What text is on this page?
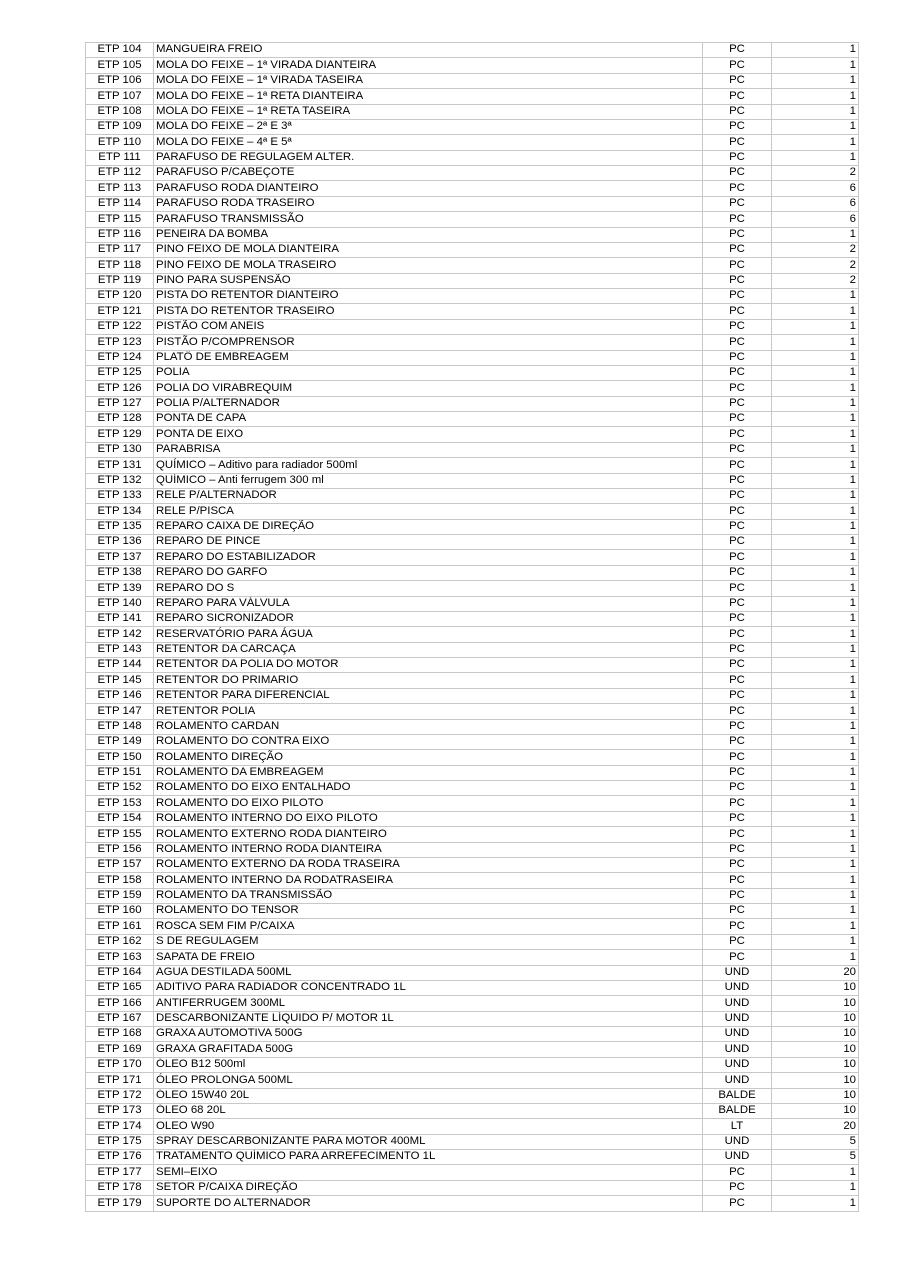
ETP 104	MANGUEIRA FREIO	PC	1
ETP 105	MOLA DO FEIXE – 1ª VIRADA DIANTEIRA	PC	1
ETP 106	MOLA DO FEIXE – 1ª VIRADA TASEIRA	PC	1
ETP 107	MOLA DO FEIXE – 1ª RETA DIANTEIRA	PC	1
ETP 108	MOLA DO FEIXE – 1ª RETA TASEIRA	PC	1
ETP 109	MOLA DO FEIXE – 2ª E 3ª	PC	1
ETP 110	MOLA DO FEIXE – 4ª E 5ª	PC	1
ETP 111	PARAFUSO DE REGULAGEM ALTER.	PC	1
ETP 112	PARAFUSO P/CABEÇOTE	PC	2
ETP 113	PARAFUSO RODA DIANTEIRO	PC	6
ETP 114	PARAFUSO RODA TRASEIRO	PC	6
ETP 115	PARAFUSO TRANSMISSÃO	PC	6
ETP 116	PENEIRA DA BOMBA	PC	1
ETP 117	PINO FEIXO DE MOLA DIANTEIRA	PC	2
ETP 118	PINO FEIXO DE MOLA TRASEIRO	PC	2
ETP 119	PINO PARA SUSPENSÃO	PC	2
ETP 120	PISTA DO RETENTOR DIANTEIRO	PC	1
ETP 121	PISTA DO RETENTOR TRASEIRO	PC	1
ETP 122	PISTÃO COM ANEIS	PC	1
ETP 123	PISTÃO P/COMPRENSOR	PC	1
ETP 124	PLATÔ DE EMBREAGEM	PC	1
ETP 125	POLIA	PC	1
ETP 126	POLIA DO VIRABREQUIM	PC	1
ETP 127	POLIA P/ALTERNADOR	PC	1
ETP 128	PONTA DE CAPA	PC	1
ETP 129	PONTA DE EIXO	PC	1
ETP 130	PARABRISA	PC	1
ETP 131	QUÍMICO – Aditivo para radiador 500ml	PC	1
ETP 132	QUÍMICO – Anti ferrugem 300 ml	PC	1
ETP 133	RELE P/ALTERNADOR	PC	1
ETP 134	RELE P/PISCA	PC	1
ETP 135	REPARO CAIXA DE DIREÇÃO	PC	1
ETP 136	REPARO DE PINCE	PC	1
ETP 137	REPARO DO ESTABILIZADOR	PC	1
ETP 138	REPARO DO GARFO	PC	1
ETP 139	REPARO DO S	PC	1
ETP 140	REPARO PARA VÁLVULA	PC	1
ETP 141	REPARO SICRONIZADOR	PC	1
ETP 142	RESERVATÓRIO PARA ÁGUA	PC	1
ETP 143	RETENTOR DA CARCAÇA	PC	1
ETP 144	RETENTOR DA POLIA DO MOTOR	PC	1
ETP 145	RETENTOR DO PRIMARIO	PC	1
ETP 146	RETENTOR PARA DIFERENCIAL	PC	1
ETP 147	RETENTOR POLIA	PC	1
ETP 148	ROLAMENTO CARDAN	PC	1
ETP 149	ROLAMENTO DO CONTRA EIXO	PC	1
ETP 150	ROLAMENTO DIREÇÃO	PC	1
ETP 151	ROLAMENTO DA EMBREAGEM	PC	1
ETP 152	ROLAMENTO DO EIXO ENTALHADO	PC	1
ETP 153	ROLAMENTO DO EIXO PILOTO	PC	1
ETP 154	ROLAMENTO INTERNO DO EIXO PILOTO	PC	1
ETP 155	ROLAMENTO EXTERNO RODA DIANTEIRO	PC	1
ETP 156	ROLAMENTO INTERNO RODA DIANTEIRA	PC	1
ETP 157	ROLAMENTO EXTERNO DA RODA TRASEIRA	PC	1
ETP 158	ROLAMENTO INTERNO DA RODATRASEIRA	PC	1
ETP 159	ROLAMENTO DA TRANSMISSÃO	PC	1
ETP 160	ROLAMENTO DO TENSOR	PC	1
ETP 161	ROSCA SEM FIM P/CAIXA	PC	1
ETP 162	S DE REGULAGEM	PC	1
ETP 163	SAPATA DE FREIO	PC	1
ETP 164	AGUA DESTILADA 500ML	UND	20
ETP 165	ADITIVO PARA RADIADOR CONCENTRADO 1L	UND	10
ETP 166	ANTIFERRUGEM 300ML	UND	10
ETP 167	DESCARBONIZANTE LÍQUIDO P/ MOTOR 1L	UND	10
ETP 168	GRAXA AUTOMOTIVA 500G	UND	10
ETP 169	GRAXA GRAFITADA 500G	UND	10
ETP 170	ÓLEO B12 500ml	UND	10
ETP 171	ÓLEO PROLONGA 500ML	UND	10
ETP 172	ÓLEO 15W40 20L	BALDE	10
ETP 173	ÓLEO 68 20L	BALDE	10
ETP 174	OLEO W90	LT	20
ETP 175	SPRAY DESCARBONIZANTE PARA MOTOR 400ML	UND	5
ETP 176	TRATAMENTO QUÍMICO PARA ARREFECIMENTO 1L	UND	5
ETP 177	SEMI–EIXO	PC	1
ETP 178	SETOR P/CAIXA DIREÇÃO	PC	1
ETP 179	SUPORTE DO ALTERNADOR	PC	1
